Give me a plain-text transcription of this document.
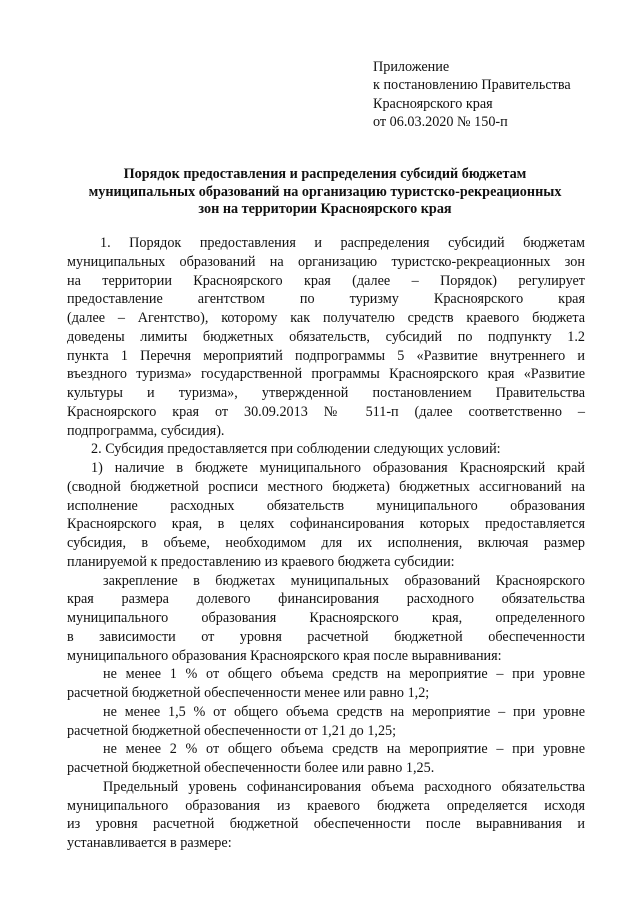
Приложение
к постановлению Правительства
Красноярского края
от 06.03.2020 № 150-п
Порядок предоставления и распределения субсидий бюджетам
муниципальных образований на организацию туристско-рекреационных
зон на территории Красноярского края
1. Порядок предоставления и распределения субсидий бюджетам
муниципальных образований на организацию туристско-рекреационных зон
на территории Красноярского края (далее – Порядок) регулирует
предоставление агентством по туризму Красноярского края
(далее – Агентство), которому как получателю средств краевого бюджета
доведены лимиты бюджетных обязательств, субсидий по подпункту 1.2
пункта 1 Перечня мероприятий подпрограммы 5 «Развитие внутреннего и
въездного туризма» государственной программы Красноярского края «Развитие
культуры и туризма», утвержденной постановлением Правительства
Красноярского края от 30.09.2013 № 511-п (далее соответственно –
подпрограмма, субсидия).
2. Субсидия предоставляется при соблюдении следующих условий:
1) наличие в бюджете муниципального образования Красноярский край
(сводной бюджетной росписи местного бюджета) бюджетных ассигнований на
исполнение расходных обязательств муниципального образования
Красноярского края, в целях софинансирования которых предоставляется
субсидия, в объеме, необходимом для их исполнения, включая размер
планируемой к предоставлению из краевого бюджета субсидии:
закрепление в бюджетах муниципальных образований Красноярского
края размера долевого финансирования расходного обязательства
муниципального образования Красноярского края, определенного
в зависимости от уровня расчетной бюджетной обеспеченности
муниципального образования Красноярского края после выравнивания:
не менее 1 % от общего объема средств на мероприятие – при уровне
расчетной бюджетной обеспеченности менее или равно 1,2;
не менее 1,5 % от общего объема средств на мероприятие – при уровне
расчетной бюджетной обеспеченности от 1,21 до 1,25;
не менее 2 % от общего объема средств на мероприятие – при уровне
расчетной бюджетной обеспеченности более или равно 1,25.
Предельный уровень софинансирования объема расходного обязательства
муниципального образования из краевого бюджета определяется исходя
из уровня расчетной бюджетной обеспеченности после выравнивания и
устанавливается в размере:
